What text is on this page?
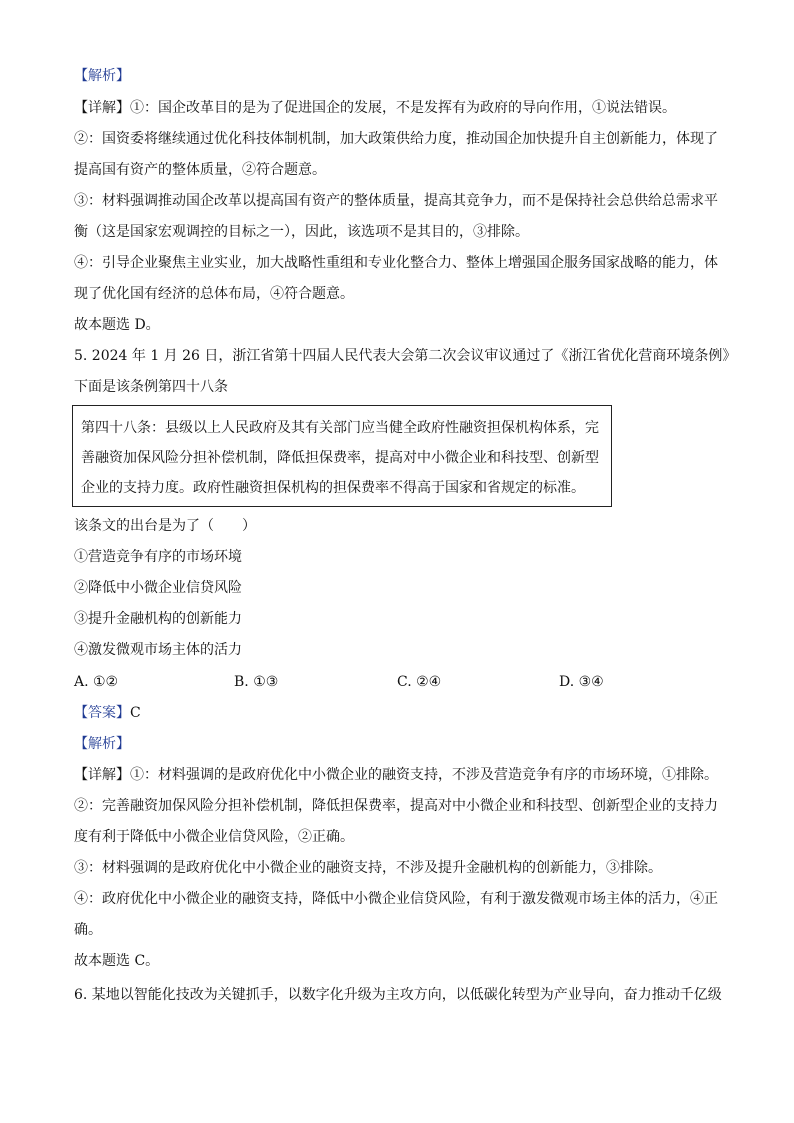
【解析】
【详解】①：国企改革目的是为了促进国企的发展，不是发挥有为政府的导向作用，①说法错误。
②：国资委将继续通过优化科技体制机制，加大政策供给力度，推动国企加快提升自主创新能力，体现了
提高国有资产的整体质量，②符合题意。
③：材料强调推动国企改革以提高国有资产的整体质量，提高其竞争力，而不是保持社会总供给总需求平
衡（这是国家宏观调控的目标之一），因此，该选项不是其目的，③排除。
④：引导企业聚焦主业实业，加大战略性重组和专业化整合力、整体上增强国企服务国家战略的能力，体
现了优化国有经济的总体布局，④符合题意。
故本题选 D。
5. 2024 年 1 月 26 日，浙江省第十四届人民代表大会第二次会议审议通过了《浙江省优化营商环境条例》
下面是该条例第四十八条
第四十八条：县级以上人民政府及其有关部门应当健全政府性融资担保机构体系，完
善融资加保风险分担补偿机制，降低担保费率，提高对中小微企业和科技型、创新型
企业的支持力度。政府性融资担保机构的担保费率不得高于国家和省规定的标准。
该条文的出台是为了（　　）
①营造竞争有序的市场环境
②降低中小微企业信贷风险
③提升金融机构的创新能力
④激发微观市场主体的活力
A. ①②	B. ①③	C. ②④	D. ③④
【答案】C
【解析】
【详解】①：材料强调的是政府优化中小微企业的融资支持，不涉及营造竞争有序的市场环境，①排除。
②：完善融资加保风险分担补偿机制，降低担保费率，提高对中小微企业和科技型、创新型企业的支持力
度有利于降低中小微企业信贷风险，②正确。
③：材料强调的是政府优化中小微企业的融资支持，不涉及提升金融机构的创新能力，③排除。
④：政府优化中小微企业的融资支持，降低中小微企业信贷风险，有利于激发微观市场主体的活力，④正
确。
故本题选 C。
6. 某地以智能化技改为关键抓手，以数字化升级为主攻方向，以低碳化转型为产业导向，奋力推动千亿级
